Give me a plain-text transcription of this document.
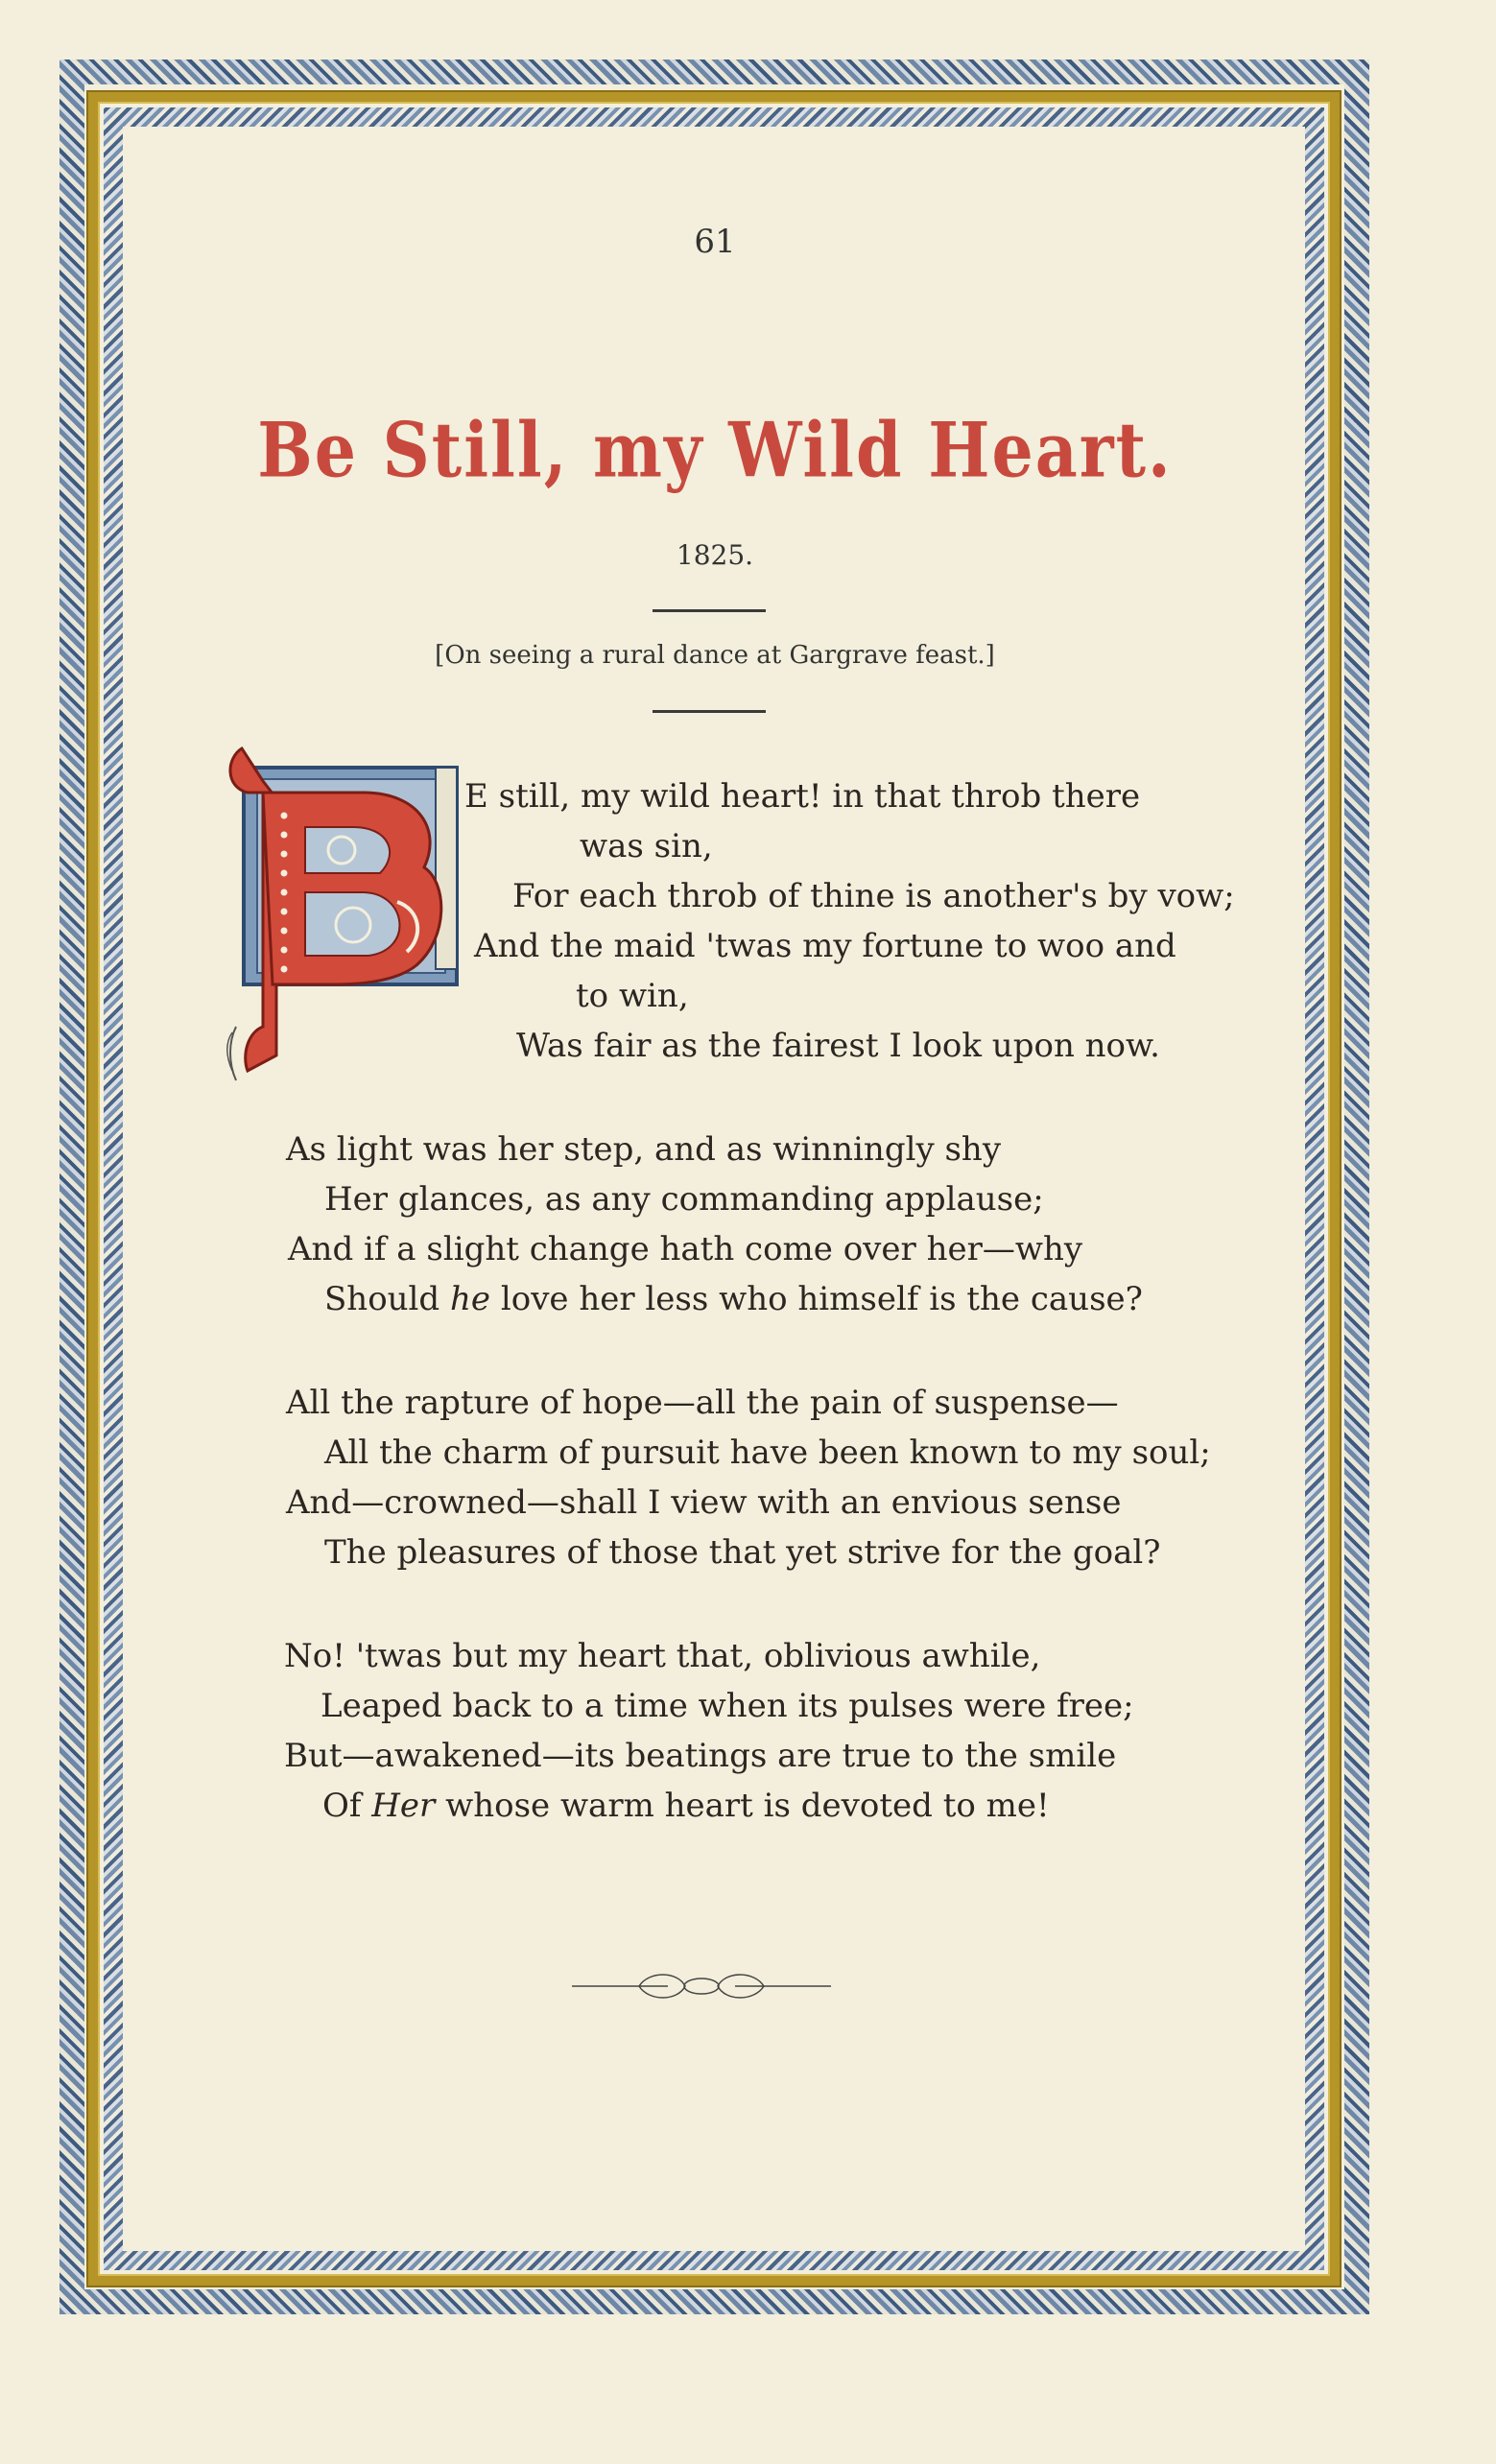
61
Be Still, my Wild Heart.
1825.
[On seeing a rural dance at Gargrave feast.]
E still, my wild heart! in that throb there
was sin,
For each throb of thine is another's by vow;
And the maid 'twas my fortune to woo and
to win,
Was fair as the fairest I look upon now.
As light was her step, and as winningly shy
Her glances, as any commanding applause;
And if a slight change hath come over her—why
Should he love her less who himself is the cause?
All the rapture of hope—all the pain of suspense—
All the charm of pursuit have been known to my soul;
And—crowned—shall I view with an envious sense
The pleasures of those that yet strive for the goal?
No! 'twas but my heart that, oblivious awhile,
Leaped back to a time when its pulses were free;
But—awakened—its beatings are true to the smile
Of Her whose warm heart is devoted to me!
